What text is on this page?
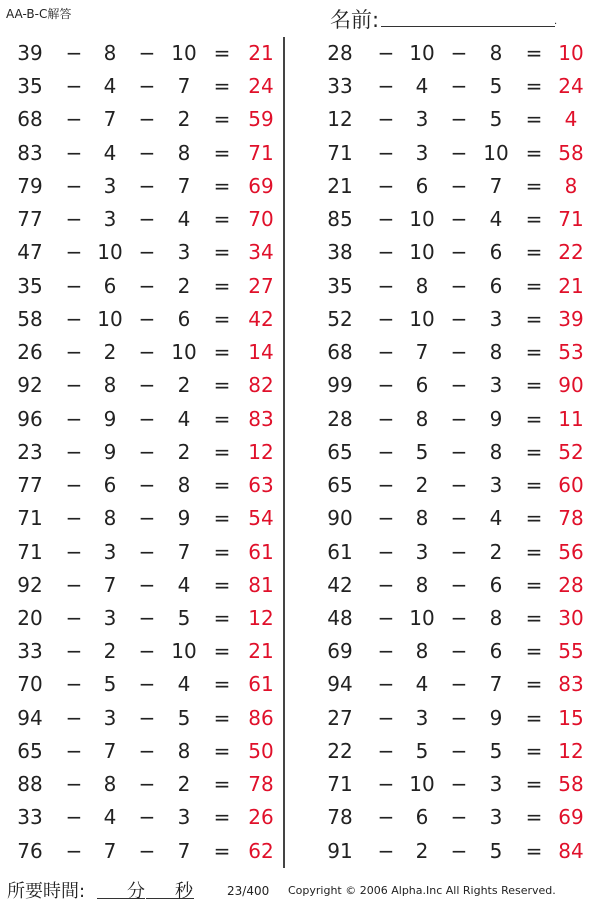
AA-B-C解答	名前:	.
39	−	8	− 10 = 21
35	−	4	−	7	= 24
68	−	7	−	2	= 59
83	−	4	−	8	= 71
79	−	3	−	7	= 69
77	−	3	−	4	= 70
47	− 10 −	3	= 34
35	−	6	−	2	= 27
58	− 10 −	6	= 42
26	−	2	− 10 = 14
92	−	8	−	2	= 82
96	−	9	−	4	= 83
23	−	9	−	2	= 12
77	−	6	−	8	= 63
71	−	8	−	9	= 54
71	−	3	−	7	= 61
92	−	7	−	4	= 81
20	−	3	−	5	= 12
33	−	2	− 10 = 21
70	−	5	−	4	= 61
94	−	3	−	5	= 86
65	−	7	−	8	= 50
88	−	8	−	2	= 78
33	−	4	−	3	= 26
76	−	7	−	7	= 62
28	− 10 −	8	= 10
33	−	4	−	5	= 24
12	−	3	−	5	=	4
71	−	3	− 10 = 58
21	−	6	−	7	=	8
85	− 10 −	4	= 71
38	− 10 −	6	= 22
35	−	8	−	6	= 21
52	− 10 −	3	= 39
68	−	7	−	8	= 53
99	−	6	−	3	= 90
28	−	8	−	9	= 11
65	−	5	−	8	= 52
65	−	2	−	3	= 60
90	−	8	−	4	= 78
61	−	3	−	2	= 56
42	−	8	−	6	= 28
48	− 10 −	8	= 30
69	−	8	−	6	= 55
94	−	4	−	7	= 83
27	−	3	−	9	= 15
22	−	5	−	5	= 12
71	− 10 −	3	= 58
78	−	6	−	3	= 69
91	−	2	−	5	= 84
所要時間: 分 秒	23/400 Copyright © 2006 Alpha.Inc All Rights Reserved.
